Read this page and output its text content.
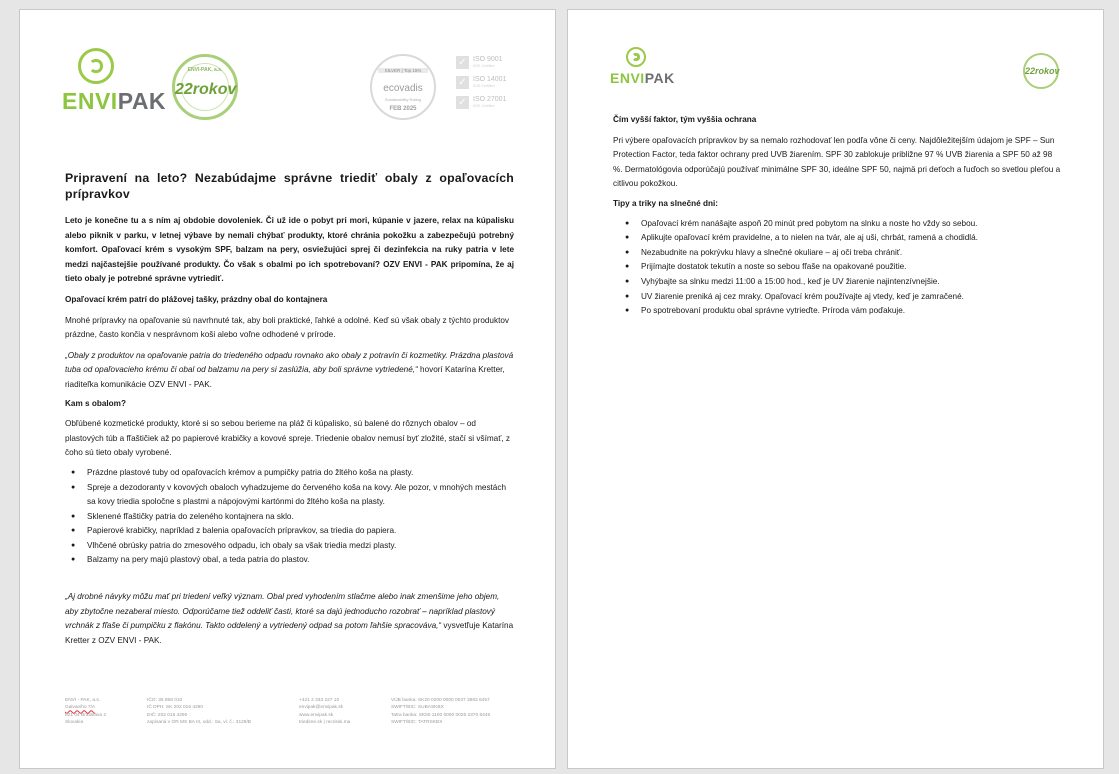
ENVIPAK
ENVI-PAK, a.s.
22rokov
SILVER | Top 15%
ecovadis
Sustainability Rating
FEB 2025
✓ ISO 9001
SGS Certified
✓ ISO 14001
SGS Certified
✓ ISO 27001
SGS Certified
Pripravení na leto? Nezabúdajme správne triediť obaly z opaľovacích prípravkov

Leto je konečne tu a s ním aj obdobie dovoleniek. Či už ide o pobyt pri mori, kúpanie v jazere, relax na kúpalisku alebo piknik v parku, v letnej výbave by nemali chýbať produkty, ktoré chránia pokožku a zabezpečujú potrebný komfort. Opaľovací krém s vysokým SPF, balzam na pery, osviežujúci sprej či dezinfekcia na ruky patria v lete medzi najčastejšie používané produkty. Čo však s obalmi po ich spotrebovaní? OZV ENVI - PAK pripomína, že aj tieto obaly je potrebné správne vytriediť.

Opaľovací krém patrí do plážovej tašky, prázdny obal do kontajnera

Mnohé prípravky na opaľovanie sú navrhnuté tak, aby boli praktické, ľahké a odolné. Keď sú však obaly z týchto produktov prázdne, často končia v nesprávnom koši alebo voľne odhodené v prírode.

„Obaly z produktov na opaľovanie patria do triedeného odpadu rovnako ako obaly z potravín či kozmetiky. Prázdna plastová tuba od opaľovacieho krému či obal od balzamu na pery si zaslúžia, aby boli správne vytriedené,“ hovorí Katarína Kretter, riaditeľka komunikácie OZV ENVI - PAK.

Kam s obalom?

Obľúbené kozmetické produkty, ktoré si so sebou berieme na pláž či kúpalisko, sú balené do rôznych obalov – od plastových túb a fľaštičiek až po papierové krabičky a kovové spreje. Triedenie obalov nemusí byť zložité, stačí si všímať, z čoho sú tieto obaly vyrobené.

● Prázdne plastové tuby od opaľovacích krémov a pumpičky patria do žltého koša na plasty.
● Spreje a dezodoranty v kovových obaloch vyhadzujeme do červeného koša na kovy. Ale pozor, v mnohých mestách sa kovy triedia spoločne s plastmi a nápojovými kartónmi do žltého koša na plasty.
● Sklenené fľaštičky patria do zeleného kontajnera na sklo.
● Papierové krabičky, napríklad z balenia opaľovacích prípravkov, sa triedia do papiera.
● Vlhčené obrúsky patria do zmesového odpadu, ich obaly sa však triedia medzi plasty.
● Balzamy na pery majú plastový obal, a teda patria do plastov.

„Aj drobné návyky môžu mať pri triedení veľký význam. Obal pred vyhodením stlačme alebo inak zmenšime jeho objem, aby zbytočne nezaberal miesto. Odporúčame tiež oddeliť časti, ktoré sa dajú jednoducho rozobrať – napríklad plastový vrchnák z fľaše či pumpičku z flakónu. Takto oddelený a vytriedený odpad sa potom ľahšie spracováva,“ vysvetľuje Katarína Kretter z OZV ENVI - PAK.

ENVI - PAK, a.s.
Galvaniho 7/A
821 04 Bratislava 2
Slovakia
IČO: 35 858 010
IČ DPH: SK 202 016 4290
DIČ: 202 016 4290
zapísaná v OR MS BA III, odd.: Sa, vl. č.: 3129/B
+421 2 333 227 10
envipak@envipak.sk
www.envipak.sk
triedime.sk | recrisisi.ma
VÚB banka: SK20 0200 0000 0037 3883 6457
SWIFT/BIC: SUBASKBX
Tatra banka: SK50 1100 0000 0026 2370 6445
SWIFT/BIC: TATRSKBX
ENVIPAK	22rokov

Čím vyšší faktor, tým vyššia ochrana

Pri výbere opaľovacích prípravkov by sa nemalo rozhodovať len podľa vône či ceny. Najdôležitejším údajom je SPF – Sun Protection Factor, teda faktor ochrany pred UVB žiarením. SPF 30 zablokuje približne 97 % UVB žiarenia a SPF 50 až 98 %. Dermatológovia odporúčajú používať minimálne SPF 30, ideálne SPF 50, najmä pri deťoch a ľuďoch so svetlou pleťou a citlivou pokožkou.

Tipy a triky na slnečné dni:

● Opaľovací krém nanášajte aspoň 20 minút pred pobytom na slnku a noste ho vždy so sebou.
● Aplikujte opaľovací krém pravidelne, a to nielen na tvár, ale aj uši, chrbát, ramená a chodidlá.
● Nezabudnite na pokrývku hlavy a slnečné okuliare – aj oči treba chrániť.
● Prijímajte dostatok tekutín a noste so sebou fľaše na opakované použitie.
● Vyhýbajte sa slnku medzi 11:00 a 15:00 hod., keď je UV žiarenie najintenzívnejšie.
● UV žiarenie preniká aj cez mraky. Opaľovací krém používajte aj vtedy, keď je zamračené.
● Po spotrebovaní produktu obal správne vytrieďte. Príroda vám poďakuje.
